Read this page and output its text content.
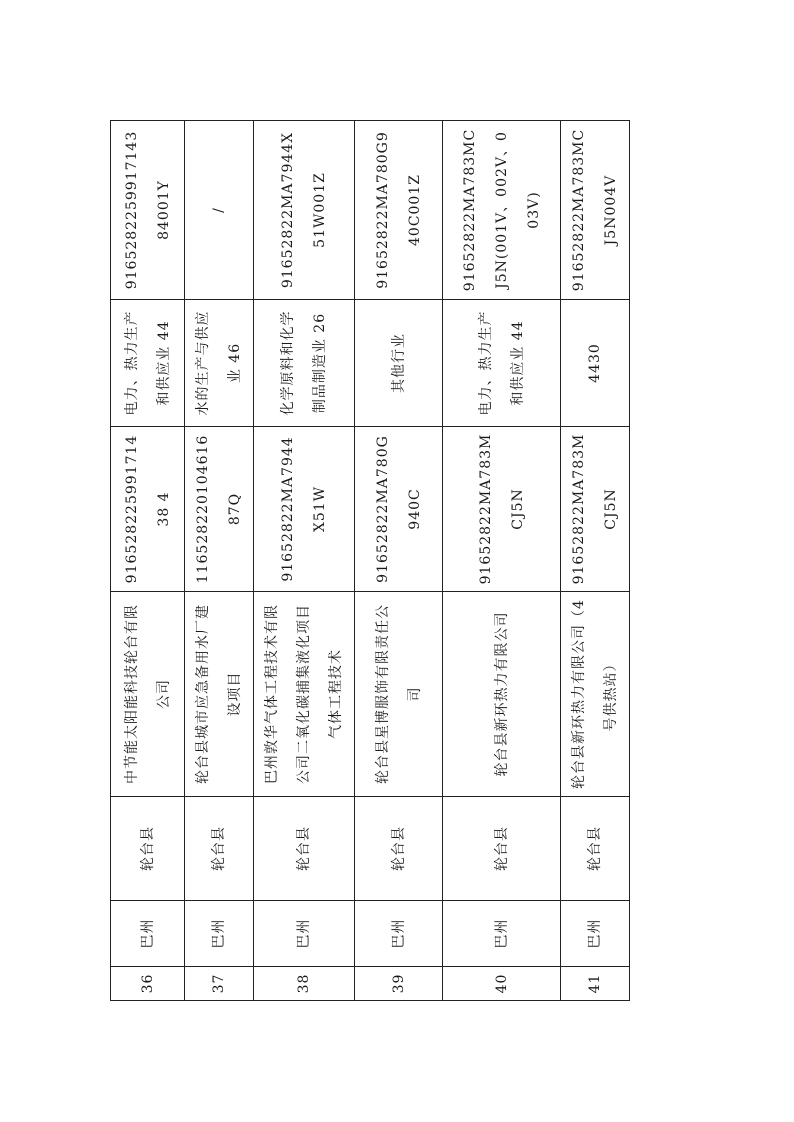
36	巴州	轮台县	中节能太阳能科技轮台有限公司	91652822599171438 4	电力、热力生产和供应业 44	916528225991714384001Y
37	巴州	轮台县	轮台县城市应急备用水厂建设项目	11652822010461687Q	水的生产与供应业 46	/
38	巴州	轮台县	巴州敦华气体工程技术有限公司二氧化碳捕集液化项目气体工程技术	91652822MA7944X51W	化学原料和化学制品制造业 26	91652822MA7944X51W001Z
39	巴州	轮台县	轮台县星博服饰有限责任公司	91652822MA780G940C	其他行业	91652822MA780G940C001Z
40	巴州	轮台县	轮台县新环热力有限公司	91652822MA783MCJ5N	电力、热力生产和供应业 44	91652822MA783MCJ5N(001V、002V、003V)
41	巴州	轮台县	轮台县新环热力有限公司（4号供热站）	91652822MA783MCJ5N	4430	91652822MA783MCJ5N004V
